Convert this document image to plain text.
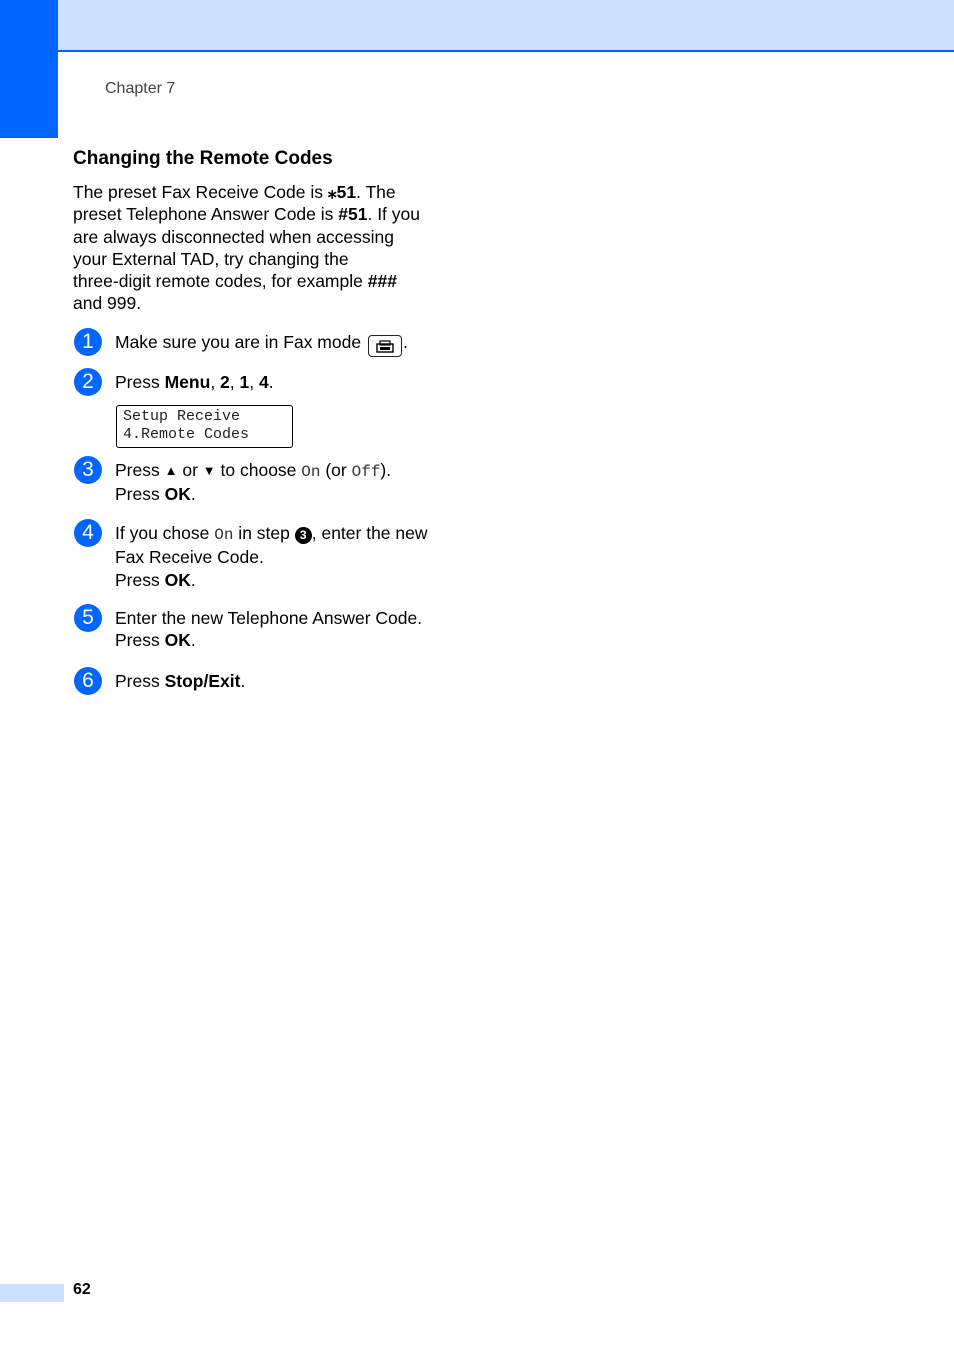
Chapter 7
Changing the Remote Codes

The preset Fax Receive Code is ⁎51. The
preset Telephone Answer Code is #51. If you
are always disconnected when accessing
your External TAD, try changing the
three-digit remote codes, for example ###
and 999.

1	Make sure you are in Fax mode .
2	Press Menu, 2, 1, 4.
Setup Receive
4.Remote Codes
3	Press ▲ or ▼ to choose On (or Off).
Press OK.
4	If you chose On in step 3 , enter the new
Fax Receive Code.
Press OK.
5	Enter the new Telephone Answer Code.
Press OK.
6	Press Stop/Exit.
62
